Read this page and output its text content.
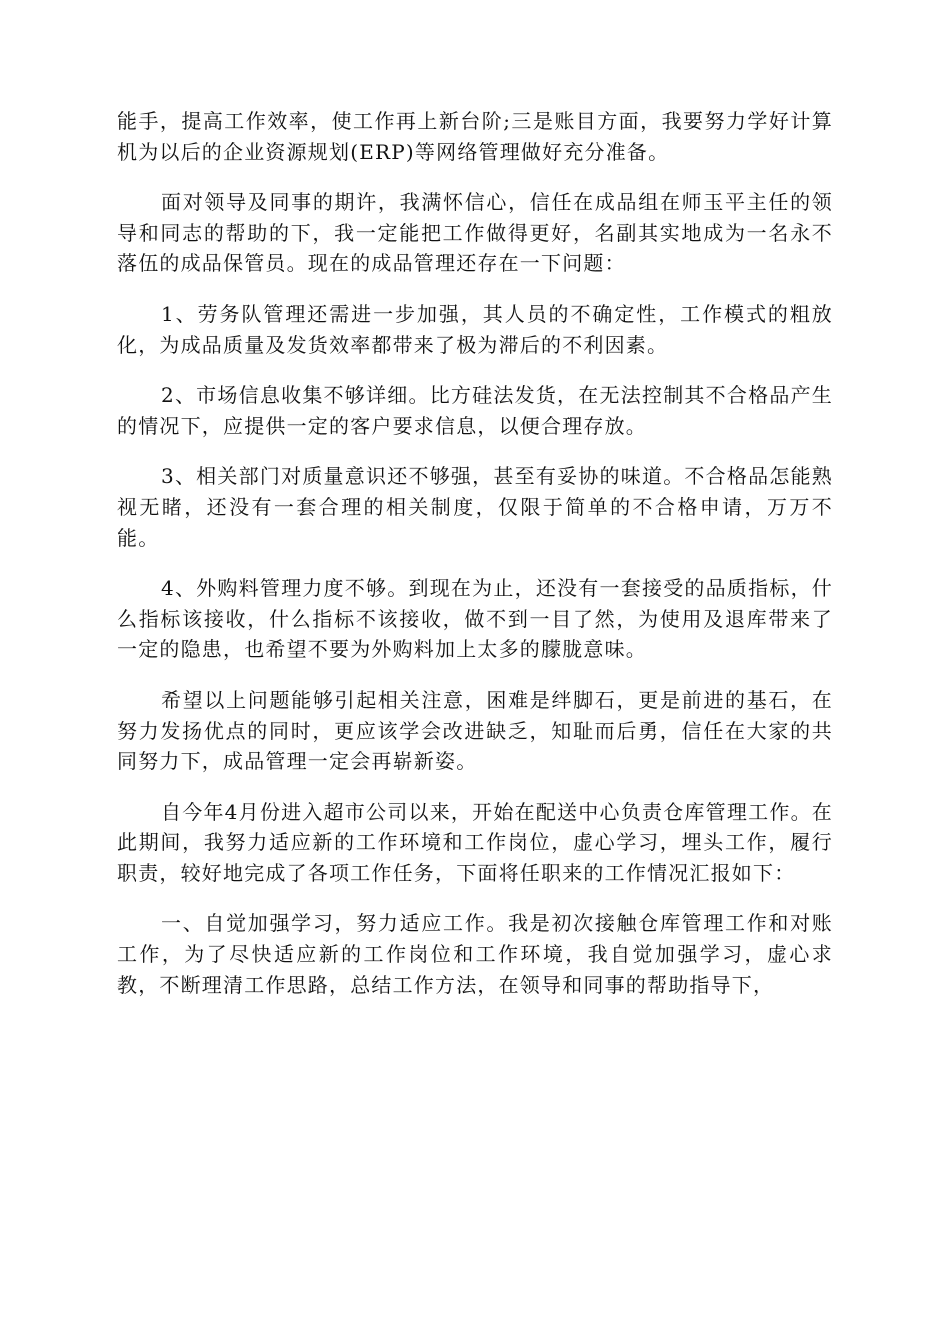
能手，提高工作效率，使工作再上新台阶;三是账目方面，我要努力学好计算机为以后的企业资源规划(ERP)等网络管理做好充分准备。

面对领导及同事的期许，我满怀信心，信任在成品组在师玉平主任的领导和同志的帮助的下，我一定能把工作做得更好，名副其实地成为一名永不落伍的成品保管员。现在的成品管理还存在一下问题：

1、劳务队管理还需进一步加强，其人员的不确定性，工作模式的粗放化，为成品质量及发货效率都带来了极为滞后的不利因素。

2、市场信息收集不够详细。比方硅法发货，在无法控制其不合格品产生的情况下，应提供一定的客户要求信息，以便合理存放。

3、相关部门对质量意识还不够强，甚至有妥协的味道。不合格品怎能熟视无睹，还没有一套合理的相关制度，仅限于简单的不合格申请，万万不能。

4、外购料管理力度不够。到现在为止，还没有一套接受的品质指标，什么指标该接收，什么指标不该接收，做不到一目了然，为使用及退库带来了一定的隐患，也希望不要为外购料加上太多的朦胧意味。

希望以上问题能够引起相关注意，困难是绊脚石，更是前进的基石，在努力发扬优点的同时，更应该学会改进缺乏，知耻而后勇，信任在大家的共同努力下，成品管理一定会再崭新姿。

自今年4月份进入超市公司以来，开始在配送中心负责仓库管理工作。在此期间，我努力适应新的工作环境和工作岗位，虚心学习，埋头工作，履行职责，较好地完成了各项工作任务，下面将任职来的工作情况汇报如下：

一、自觉加强学习，努力适应工作。我是初次接触仓库管理工作和对账工作，为了尽快适应新的工作岗位和工作环境，我自觉加强学习，虚心求教，不断理清工作思路，总结工作方法，在领导和同事的帮助指导下，
